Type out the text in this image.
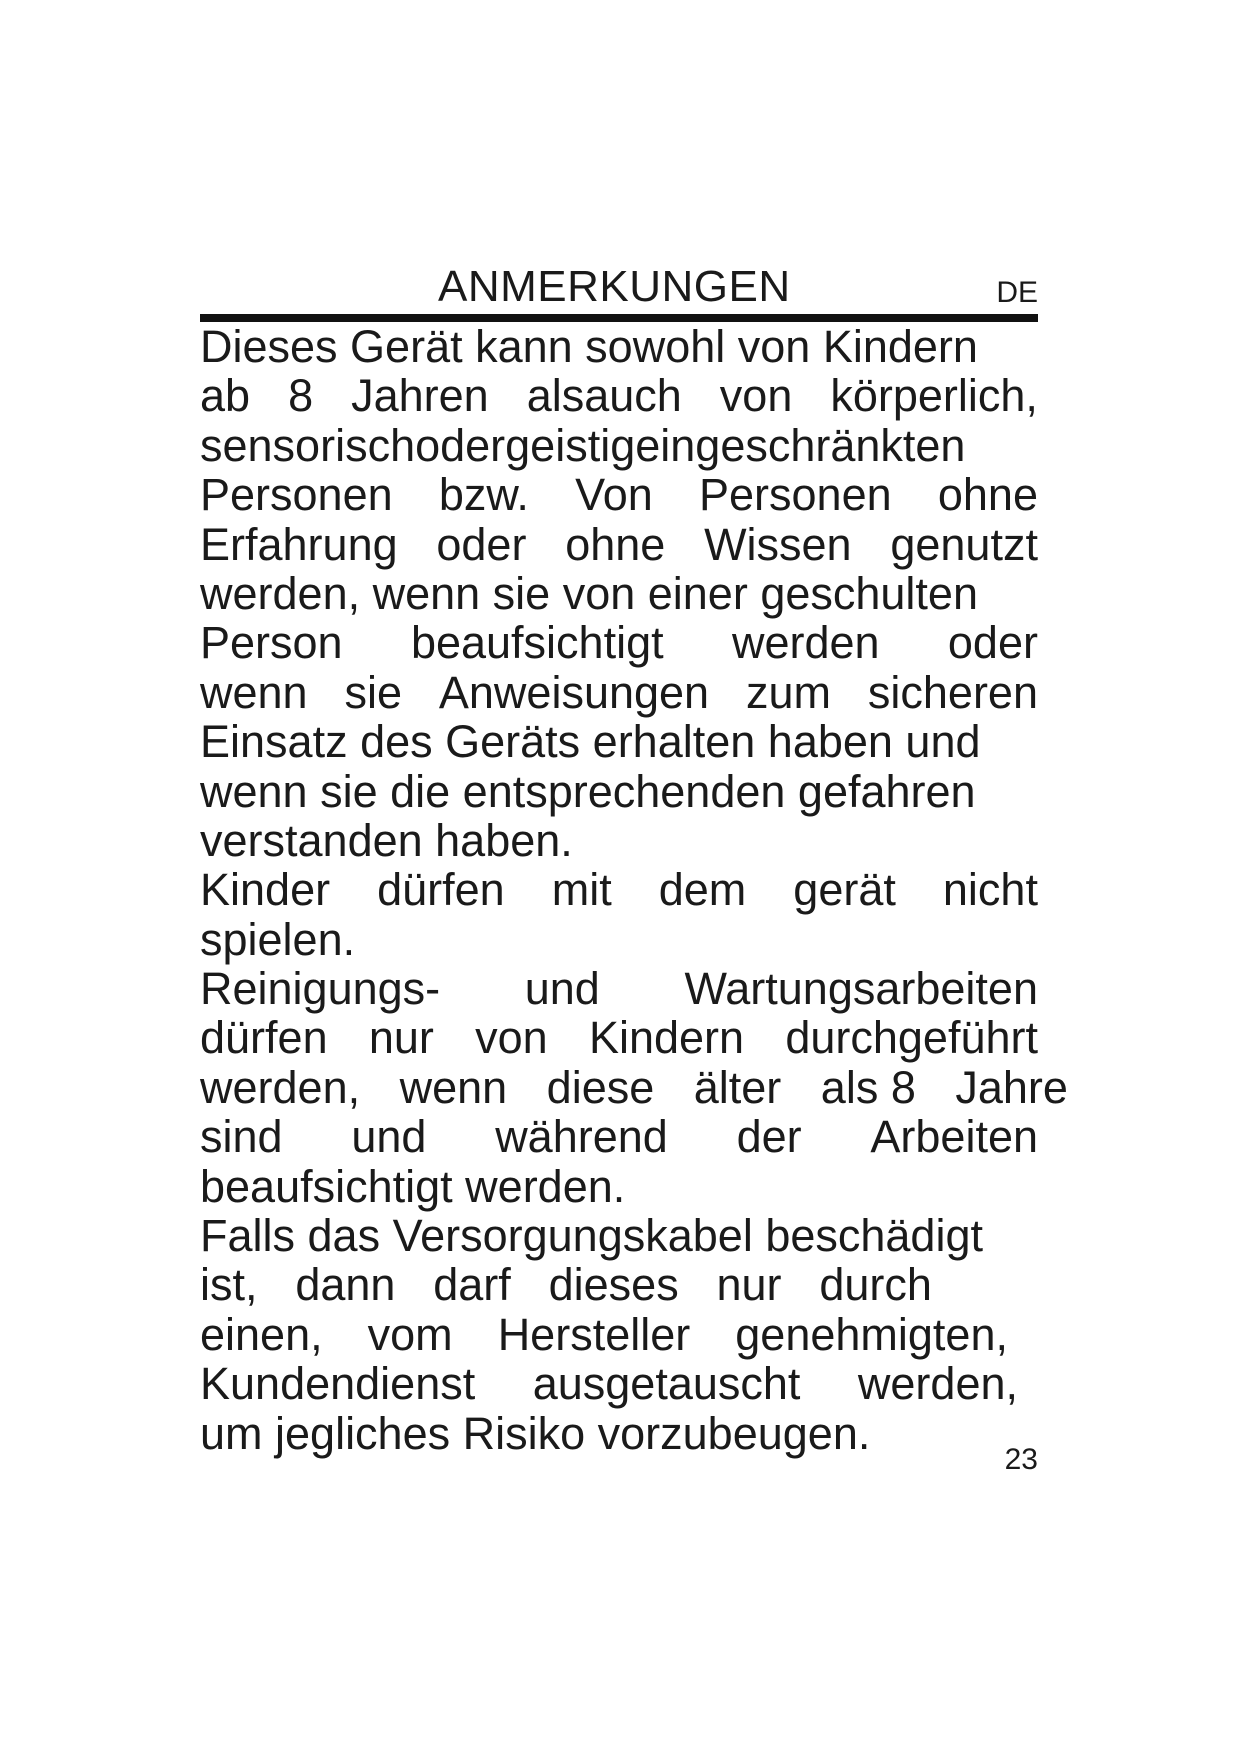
ANMERKUNGEN	DE
Dieses Gerät kann sowohl von Kindern
ab 8 Jahren alsauch von körperlich,
sensorischodergeistigeingeschränkten
Personen bzw. Von Personen ohne
Erfahrung oder ohne Wissen genutzt
werden, wenn sie von einer geschulten
Person beaufsichtigt werden oder
wenn sie Anweisungen zum sicheren
Einsatz des Geräts erhalten haben und
wenn sie die entsprechenden gefahren
verstanden haben.
Kinder dürfen mit dem gerät nicht
spielen.
Reinigungs- und Wartungsarbeiten
dürfen nur von Kindern durchgeführt
werden, wenn diese älter als 8 Jahre
sind und während der Arbeiten
beaufsichtigt werden.
Falls das Versorgungskabel beschädigt
ist, dann darf dieses nur durch
einen, vom Hersteller genehmigten,
Kundendienst ausgetauscht werden,
um jegliches Risiko vorzubeugen.
23
